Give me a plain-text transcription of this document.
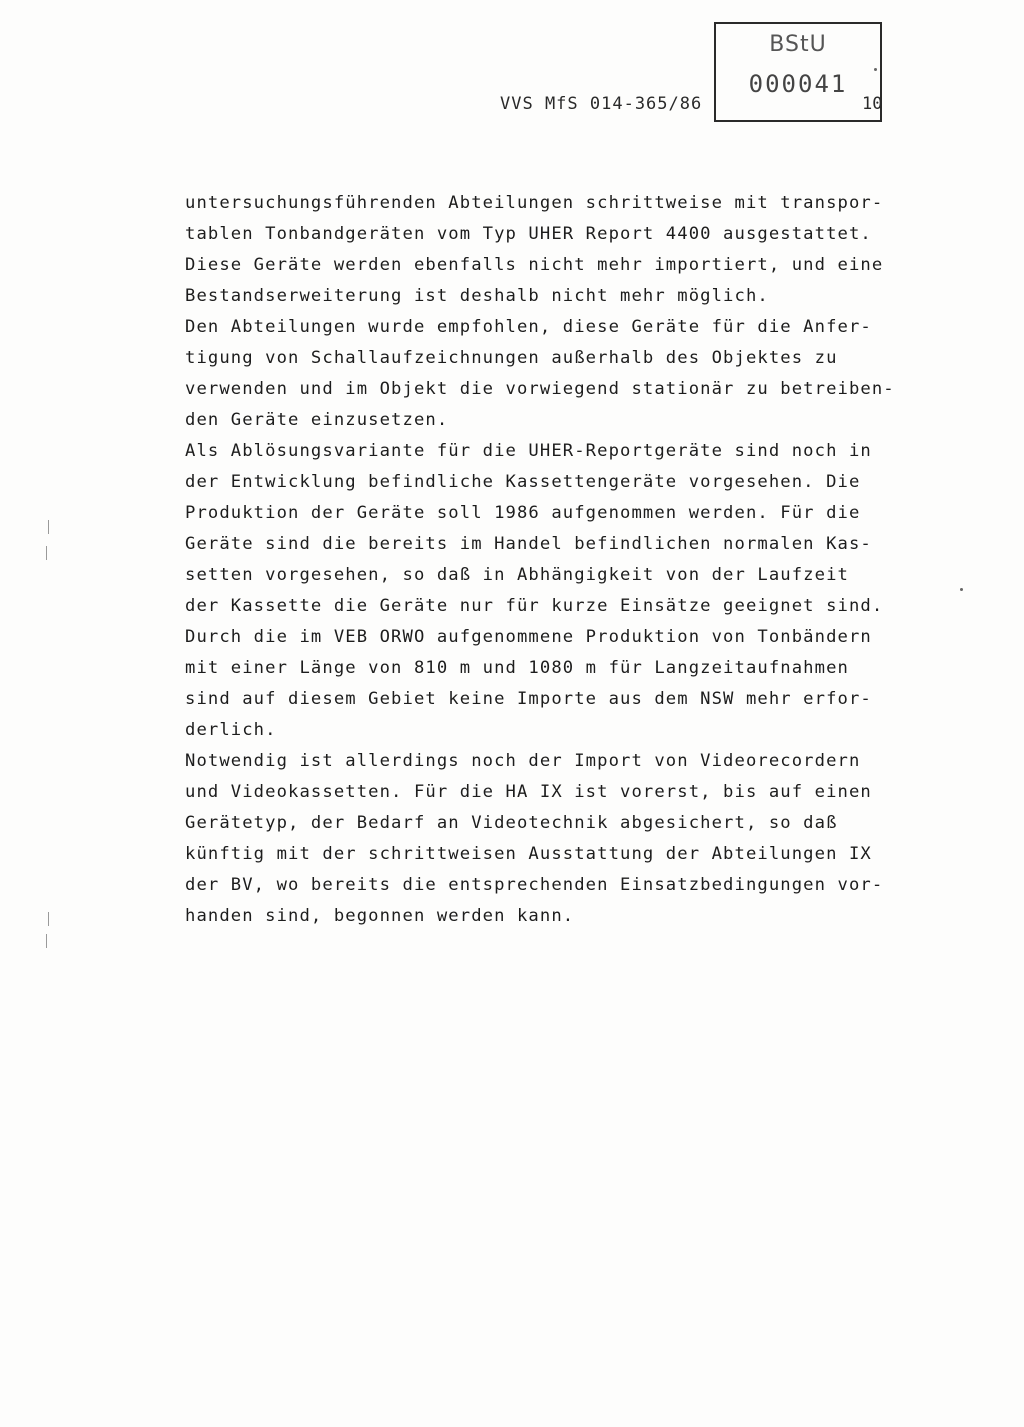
BStU
000041
VVS MfS 014-365/86	10
untersuchungsführenden Abteilungen schrittweise mit transpor-
tablen Tonbandgeräten vom Typ UHER Report 4400 ausgestattet.
Diese Geräte werden ebenfalls nicht mehr importiert, und eine
Bestandserweiterung ist deshalb nicht mehr möglich.
Den Abteilungen wurde empfohlen, diese Geräte für die Anfer-
tigung von Schallaufzeichnungen außerhalb des Objektes zu
verwenden und im Objekt die vorwiegend stationär zu betreiben-
den Geräte einzusetzen.
Als Ablösungsvariante für die UHER-Reportgeräte sind noch in
der Entwicklung befindliche Kassettengeräte vorgesehen. Die
Produktion der Geräte soll 1986 aufgenommen werden. Für die
Geräte sind die bereits im Handel befindlichen normalen Kas-
setten vorgesehen, so daß in Abhängigkeit von der Laufzeit
der Kassette die Geräte nur für kurze Einsätze geeignet sind.
Durch die im VEB ORWO aufgenommene Produktion von Tonbändern
mit einer Länge von 810 m und 1080 m für Langzeitaufnahmen
sind auf diesem Gebiet keine Importe aus dem NSW mehr erfor-
derlich.
Notwendig ist allerdings noch der Import von Videorecordern
und Videokassetten. Für die HA IX ist vorerst, bis auf einen
Gerätetyp, der Bedarf an Videotechnik abgesichert, so daß
künftig mit der schrittweisen Ausstattung der Abteilungen IX
der BV, wo bereits die entsprechenden Einsatzbedingungen vor-
handen sind, begonnen werden kann.
